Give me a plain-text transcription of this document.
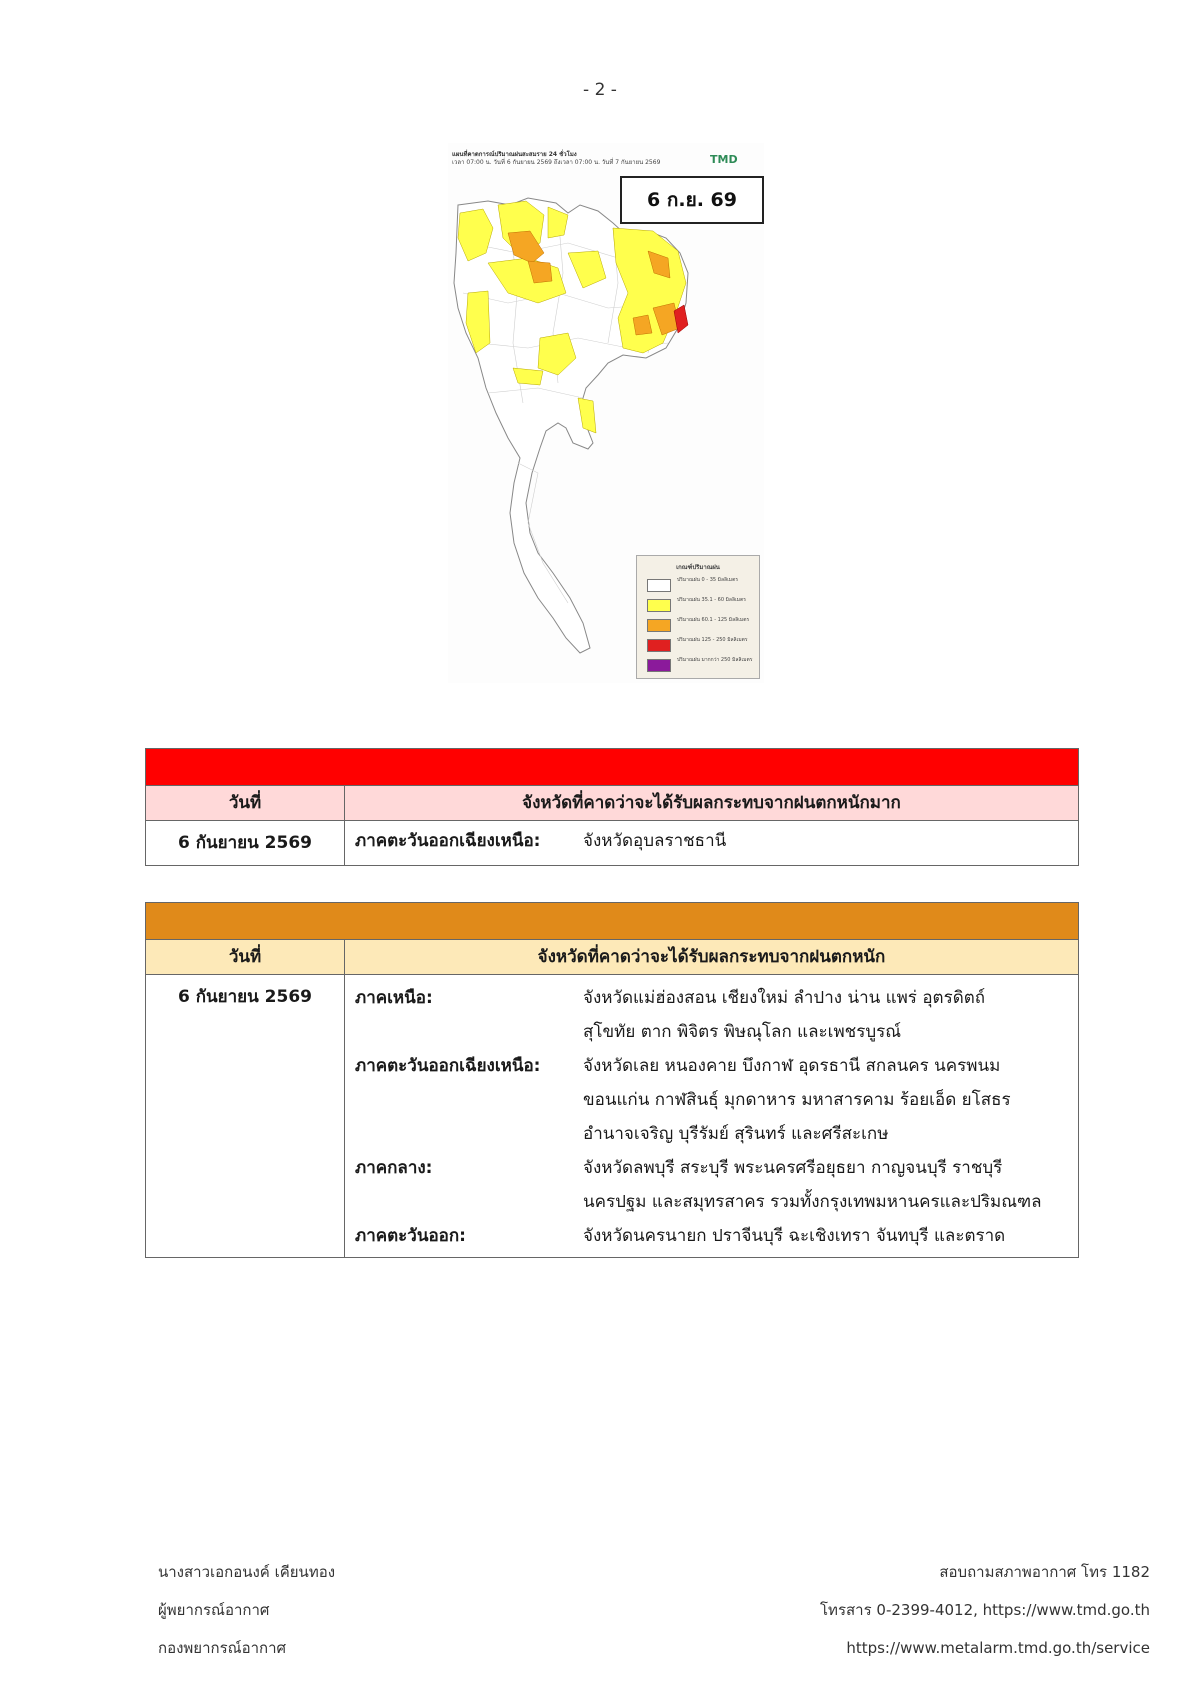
- 2 -
แผนที่คาดการณ์ปริมาณฝนสะสมราย 24 ชั่วโมง
เวลา 07:00 น. วันที่ 6 กันยายน 2569 ถึงเวลา 07:00 น. วันที่ 7 กันยายน 2569	TMD
6 ก.ย. 69
เกณฑ์ปริมาณฝน
ปริมาณฝน 0 - 35 มิลลิเมตร
ปริมาณฝน 35.1 - 60 มิลลิเมตร
ปริมาณฝน 60.1 - 125 มิลลิเมตร
ปริมาณฝน 125 - 250 มิลลิเมตร
ปริมาณฝน มากกว่า 250 มิลลิเมตร
วันที่	จังหวัดที่คาดว่าจะได้รับผลกระทบจากฝนตกหนักมาก
6 กันยายน 2569	ภาคตะวันออกเฉียงเหนือ:	จังหวัดอุบลราชธานี
วันที่	จังหวัดที่คาดว่าจะได้รับผลกระทบจากฝนตกหนัก
6 กันยายน 2569	ภาคเหนือ:	จังหวัดแม่ฮ่องสอน เชียงใหม่ ลำปาง น่าน แพร่ อุตรดิตถ์
สุโขทัย ตาก พิจิตร พิษณุโลก และเพชรบูรณ์
ภาคตะวันออกเฉียงเหนือ:	จังหวัดเลย หนองคาย บึงกาฬ อุดรธานี สกลนคร นครพนม
ขอนแก่น กาฬสินธุ์ มุกดาหาร มหาสารคาม ร้อยเอ็ด ยโสธร
อำนาจเจริญ บุรีรัมย์ สุรินทร์ และศรีสะเกษ
ภาคกลาง:	จังหวัดลพบุรี สระบุรี พระนครศรีอยุธยา กาญจนบุรี ราชบุรี
นครปฐม และสมุทรสาคร รวมทั้งกรุงเทพมหานครและปริมณฑล
ภาคตะวันออก:	จังหวัดนครนายก ปราจีนบุรี ฉะเชิงเทรา จันทบุรี และตราด
นางสาวเอกอนงค์ เคียนทอง
ผู้พยากรณ์อากาศ
กองพยากรณ์อากาศ
สอบถามสภาพอากาศ โทร 1182
โทรสาร 0-2399-4012, https://www.tmd.go.th
https://www.metalarm.tmd.go.th/service
